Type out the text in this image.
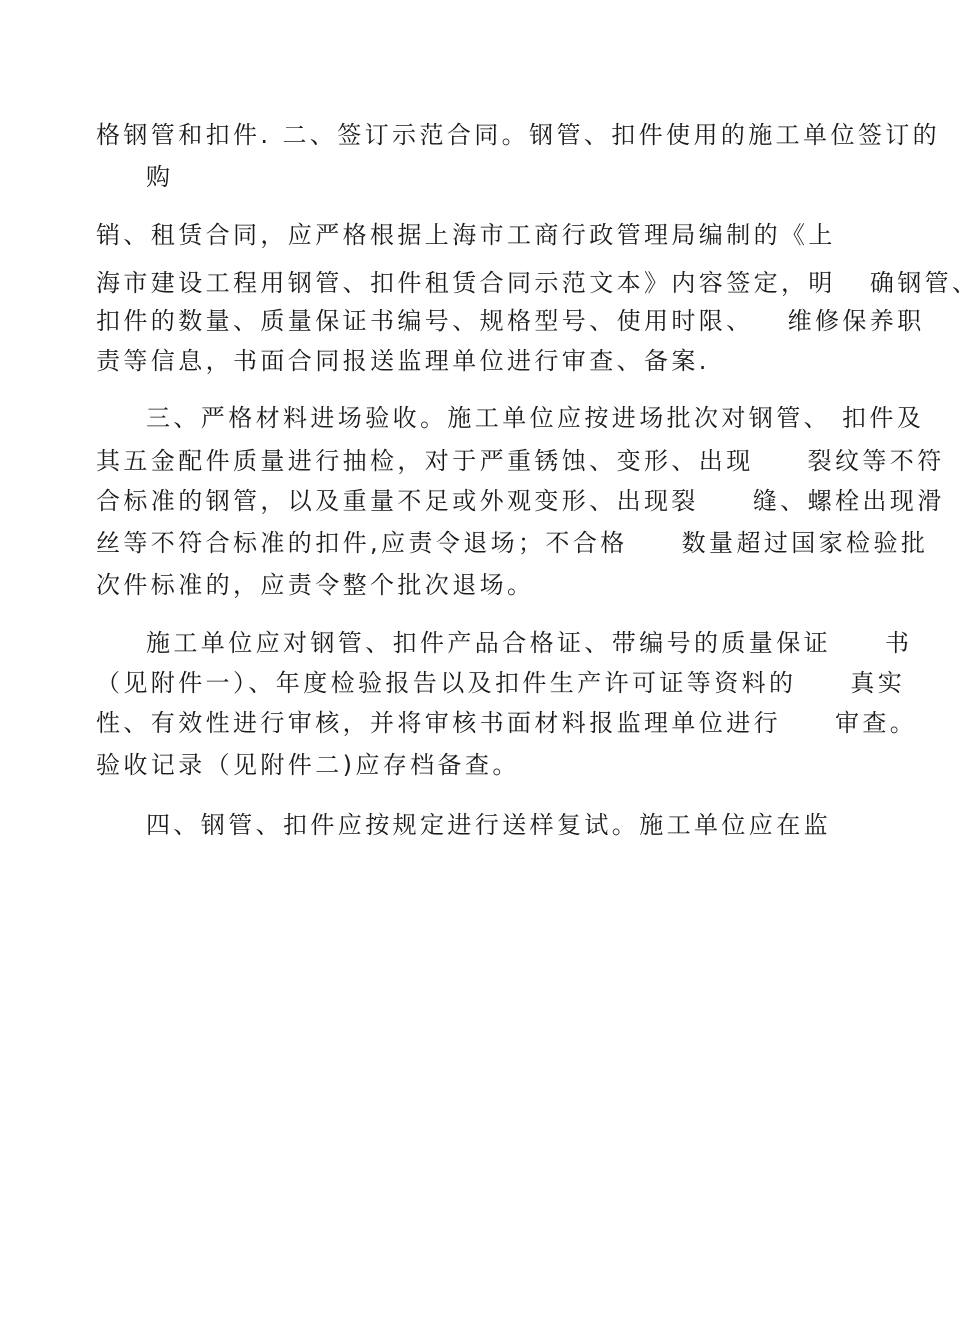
格钢管和扣件. 二、签订示范合同。钢管、扣件使用的施工单位签订的
购
销、租赁合同，应严格根据上海市工商行政管理局编制的《上
海市建设工程用钢管、扣件租赁合同示范文本》内容签定，明 确钢管、
扣件的数量、质量保证书编号、规格型号、使用时限、 维修保养职
责等信息，书面合同报送监理单位进行审查、备案.
三、严格材料进场验收。施工单位应按进场批次对钢管、 扣件及
其五金配件质量进行抽检，对于严重锈蚀、变形、出现 裂纹等不符
合标准的钢管，以及重量不足或外观变形、出现裂 缝、螺栓出现滑
丝等不符合标准的扣件,应责令退场；不合格 数量超过国家检验批
次件标准的，应责令整个批次退场。
施工单位应对钢管、扣件产品合格证、带编号的质量保证 书
（见附件一）、年度检验报告以及扣件生产许可证等资料的 真实
性、有效性进行审核，并将审核书面材料报监理单位进行 审查。
验收记录（见附件二)应存档备查。
四、钢管、扣件应按规定进行送样复试。施工单位应在监
